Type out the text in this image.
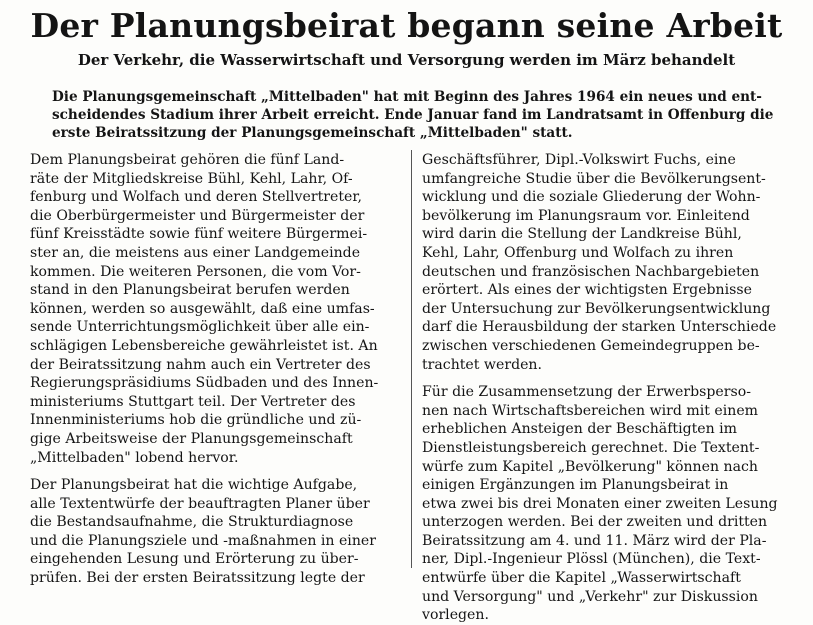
Der Planungsbeirat begann seine Arbeit
Der Verkehr, die Wasserwirtschaft und Versorgung werden im März behandelt
Die Planungsgemeinschaft „Mittelbaden" hat mit Beginn des Jahres 1964 ein neues und ent-
scheidendes Stadium ihrer Arbeit erreicht. Ende Januar fand im Landratsamt in Offenburg die
erste Beiratssitzung der Planungsgemeinschaft „Mittelbaden" statt.
Dem Planungsbeirat gehören die fünf Land-
räte der Mitgliedskreise Bühl, Kehl, Lahr, Of-
fenburg und Wolfach und deren Stellvertreter,
die Oberbürgermeister und Bürgermeister der
fünf Kreisstädte sowie fünf weitere Bürgermei-
ster an, die meistens aus einer Landgemeinde
kommen. Die weiteren Personen, die vom Vor-
stand in den Planungsbeirat berufen werden
können, werden so ausgewählt, daß eine umfas-
sende Unterrichtungsmöglichkeit über alle ein-
schlägigen Lebensbereiche gewährleistet ist. An
der Beiratssitzung nahm auch ein Vertreter des
Regierungspräsidiums Südbaden und des Innen-
ministeriums Stuttgart teil. Der Vertreter des
Innenministeriums hob die gründliche und zü-
gige Arbeitsweise der Planungsgemeinschaft
„Mittelbaden" lobend hervor.
Der Planungsbeirat hat die wichtige Aufgabe,
alle Textentwürfe der beauftragten Planer über
die Bestandsaufnahme, die Strukturdiagnose
und die Planungsziele und -maßnahmen in einer
eingehenden Lesung und Erörterung zu über-
prüfen. Bei der ersten Beiratssitzung legte der
Geschäftsführer, Dipl.-Volkswirt Fuchs, eine
umfangreiche Studie über die Bevölkerungsent-
wicklung und die soziale Gliederung der Wohn-
bevölkerung im Planungsraum vor. Einleitend
wird darin die Stellung der Landkreise Bühl,
Kehl, Lahr, Offenburg und Wolfach zu ihren
deutschen und französischen Nachbargebieten
erörtert. Als eines der wichtigsten Ergebnisse
der Untersuchung zur Bevölkerungsentwicklung
darf die Herausbildung der starken Unterschiede
zwischen verschiedenen Gemeindegruppen be-
trachtet werden.
Für die Zusammensetzung der Erwerbsperso-
nen nach Wirtschaftsbereichen wird mit einem
erheblichen Ansteigen der Beschäftigten im
Dienstleistungsbereich gerechnet. Die Textent-
würfe zum Kapitel „Bevölkerung" können nach
einigen Ergänzungen im Planungsbeirat in
etwa zwei bis drei Monaten einer zweiten Lesung
unterzogen werden. Bei der zweiten und dritten
Beiratssitzung am 4. und 11. März wird der Pla-
ner, Dipl.-Ingenieur Plössl (München), die Text-
entwürfe über die Kapitel „Wasserwirtschaft
und Versorgung" und „Verkehr" zur Diskussion
vorlegen.
